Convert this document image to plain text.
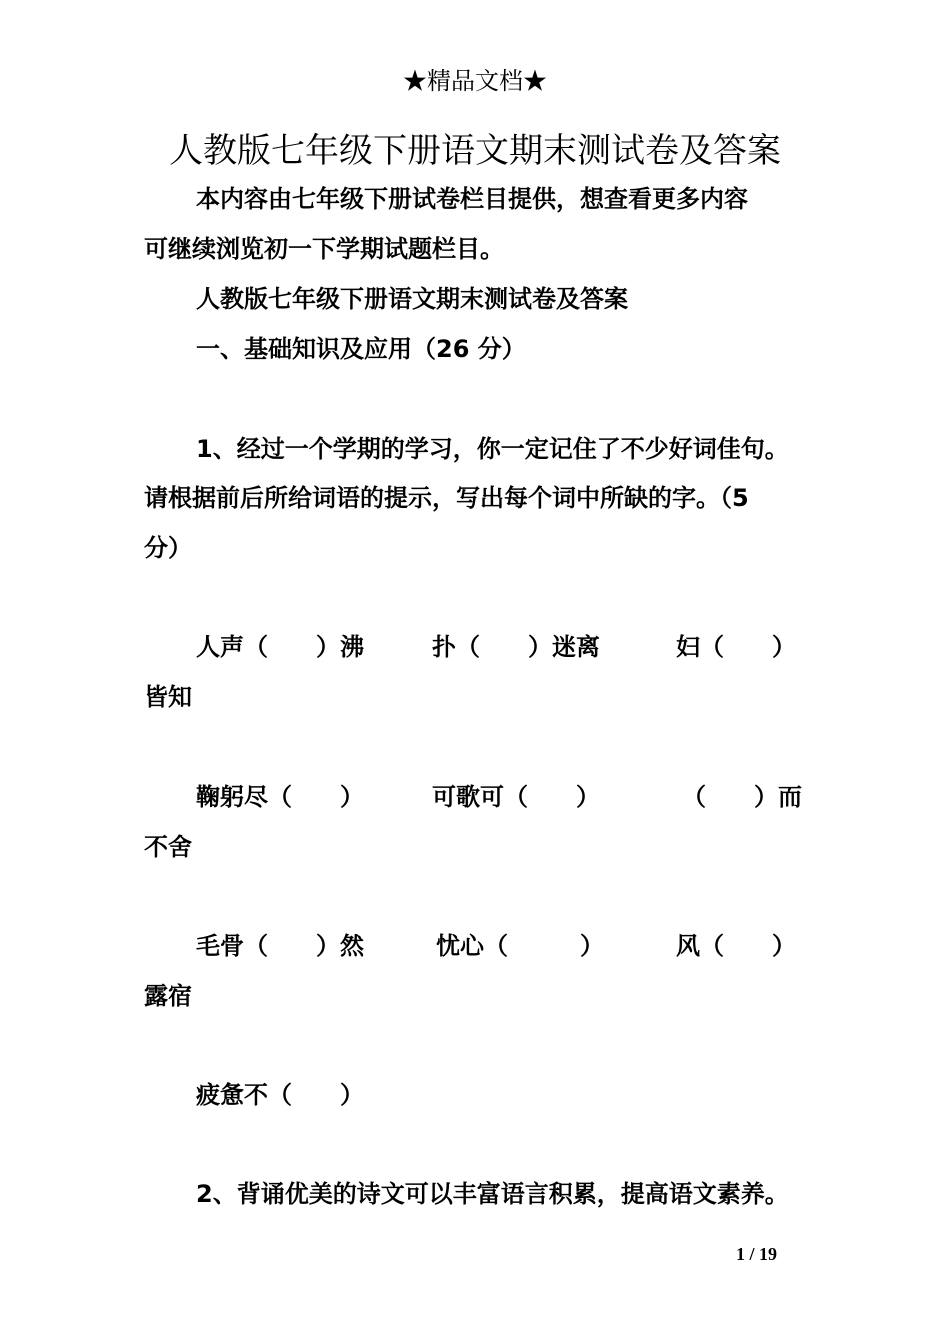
★精品文档★
人教版七年级下册语文期末测试卷及答案
本内容由七年级下册试卷栏目提供，想查看更多内容
可继续浏览初一下学期试题栏目。
人教版七年级下册语文期末测试卷及答案
一、基础知识及应用（26 分）
1、经过一个学期的学习，你一定记住了不少好词佳句。
请根据前后所给词语的提示，写出每个词中所缺的字。（5
分）
人声（　　）沸	扑（　　）迷离	妇（　　）
皆知
鞠躬尽（　　）	可歌可（　　）	（　　）而
不舍
毛骨（　　）然	忧心（　　　）	风（　　）
露宿
疲惫不（　　）
2、背诵优美的诗文可以丰富语言积累，提高语文素养。
1 / 19
